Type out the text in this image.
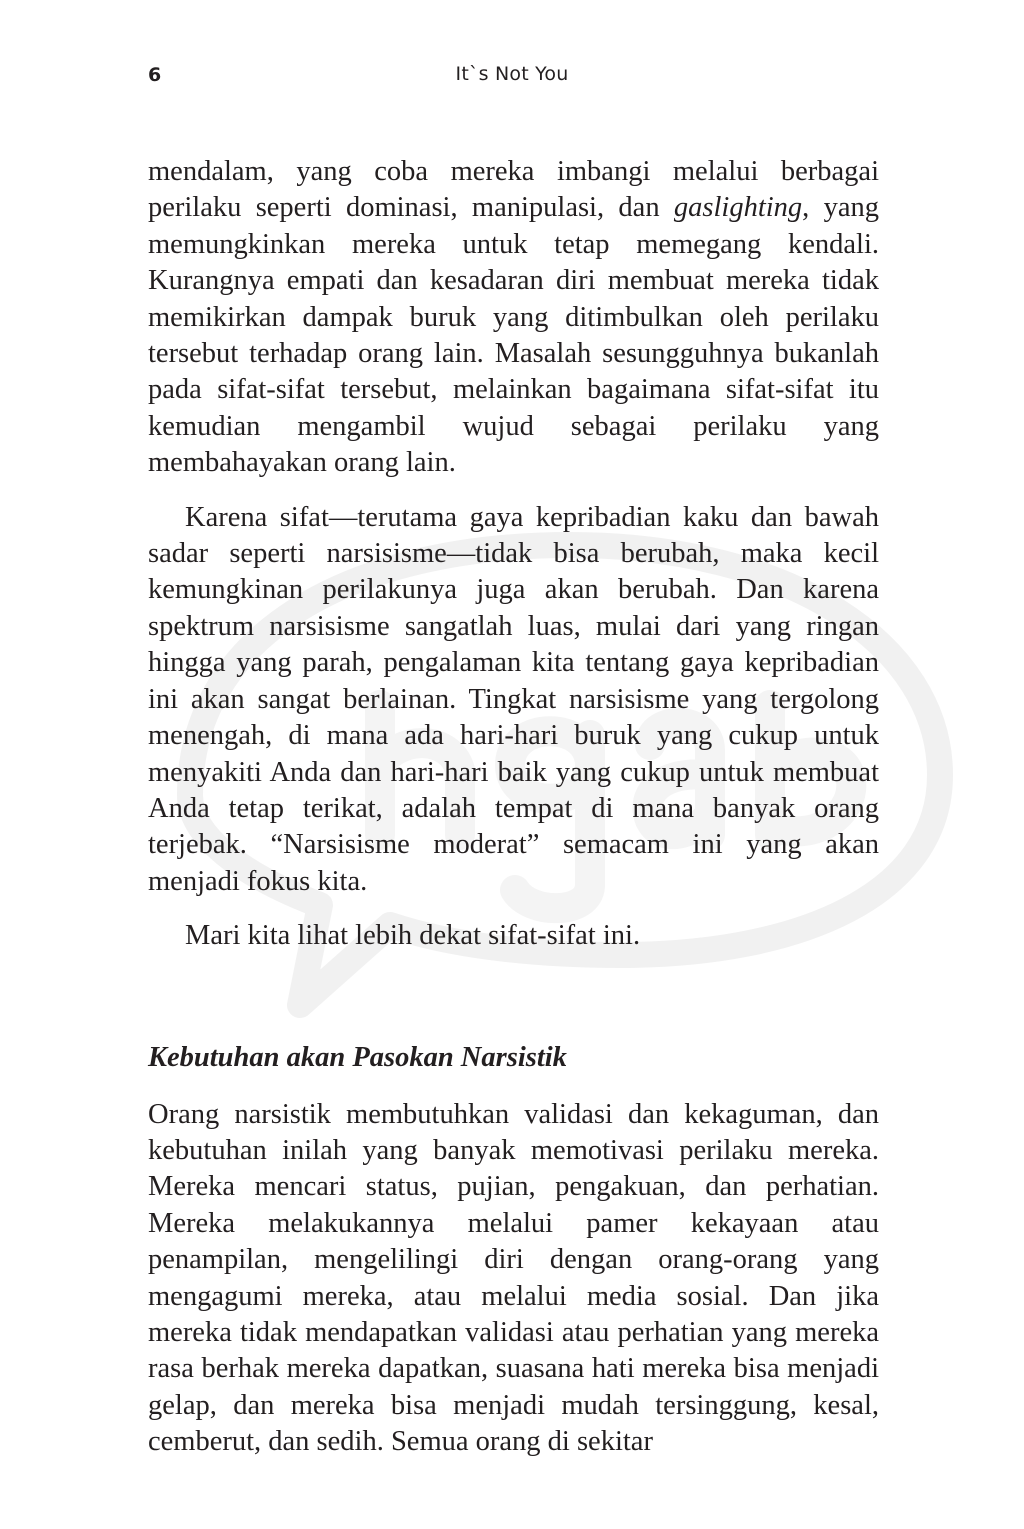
6	It`s Not You

mendalam, yang coba mereka imbangi melalui berbagai perilaku seperti dominasi, manipulasi, dan gaslighting, yang memungkinkan mereka untuk tetap memegang kendali. Kurangnya empati dan kesadaran diri membuat mereka tidak memikirkan dampak buruk yang ditimbulkan oleh perilaku tersebut terhadap orang lain. Masalah sesungguhnya bukanlah pada sifat-sifat tersebut, melainkan bagaimana sifat-sifat itu kemudian mengambil wujud sebagai perilaku yang membahayakan orang lain.

Karena sifat—terutama gaya kepribadian kaku dan bawah sadar seperti narsisisme—tidak bisa berubah, maka kecil kemungkinan perilakunya juga akan berubah. Dan karena spektrum narsisisme sangatlah luas, mulai dari yang ringan hingga yang parah, pengalaman kita tentang gaya kepribadian ini akan sangat berlainan. Tingkat narsisisme yang tergolong menengah, di mana ada hari-hari buruk yang cukup untuk menyakiti Anda dan hari-hari baik yang cukup untuk membuat Anda tetap terikat, adalah tempat di mana banyak orang terjebak. “Narsisisme moderat” semacam ini yang akan menjadi fokus kita.

Mari kita lihat lebih dekat sifat-sifat ini.

Kebutuhan akan Pasokan Narsistik

Orang narsistik membutuhkan validasi dan kekaguman, dan kebutuhan inilah yang banyak memotivasi perilaku mereka. Mereka mencari status, pujian, pengakuan, dan perhatian. Mereka melakukannya melalui pamer kekayaan atau penampilan, mengelilingi diri dengan orang-orang yang mengagumi mereka, atau melalui media sosial. Dan jika mereka tidak mendapatkan validasi atau perhatian yang mereka rasa berhak mereka dapatkan, suasana hati mereka bisa menjadi gelap, dan mereka bisa menjadi mudah tersinggung, kesal, cemberut, dan sedih. Semua orang di sekitar
